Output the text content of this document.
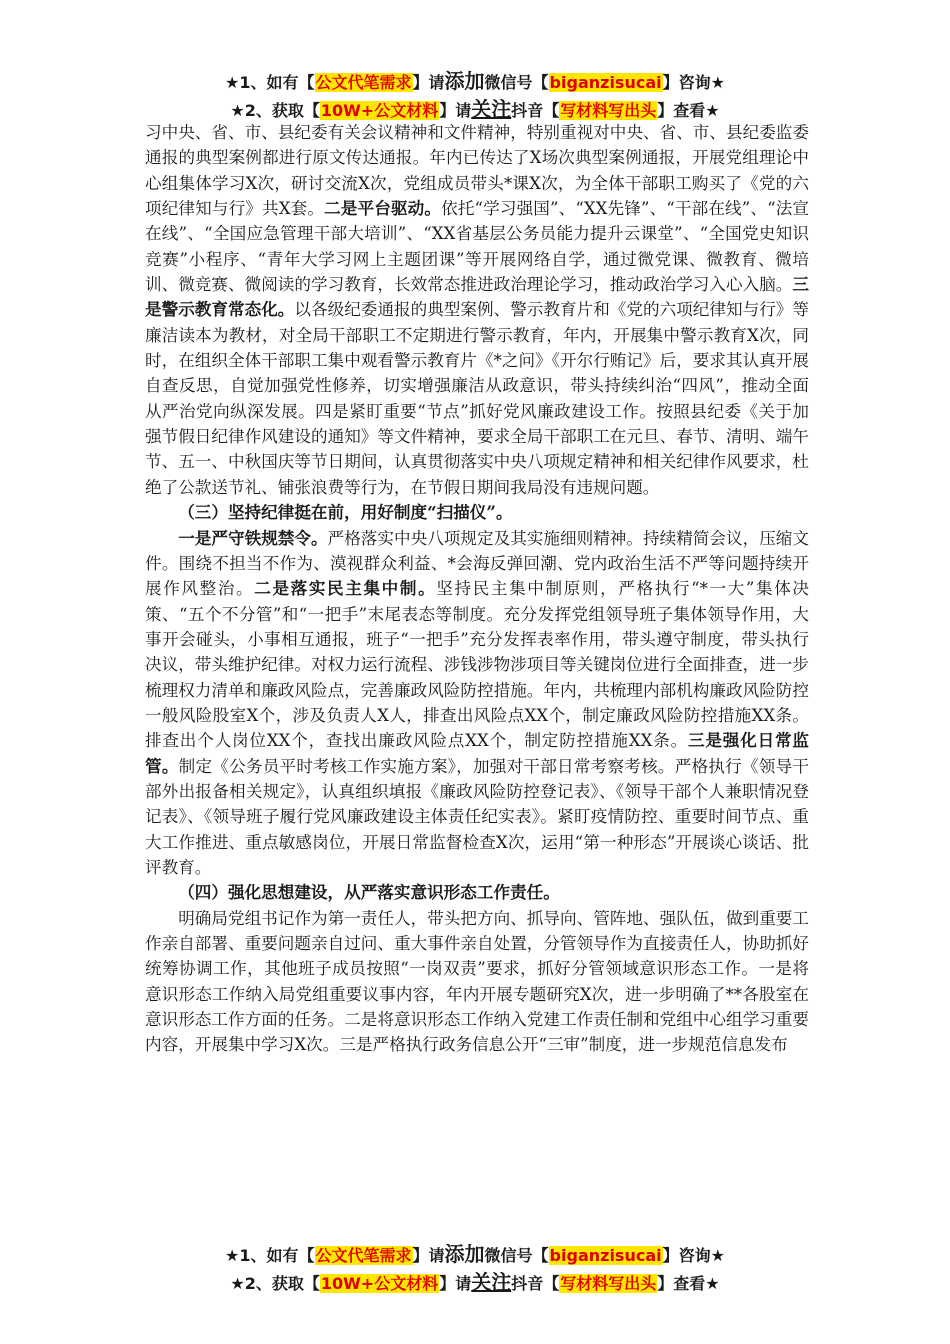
★1、如有【公文代笔需求】请添加微信号【biganzisucai】咨询★
★2、获取【10W+公文材料】请关注抖音【写材料写出头】查看★

习中央、省、市、县纪委有关会议精神和文件精神，特别重视对中央、省、市、县纪委监委通报的典型案例都进行原文传达通报。年内已传达了X场次典型案例通报，开展党组理论中心组集体学习X次，研讨交流X次，党组成员带头*课X次，为全体干部职工购买了《党的六项纪律知与行》共X套。二是平台驱动。依托“学习强国”、“XX先锋”、“干部在线”、“法宣在线”、“全国应急管理干部大培训”、“XX省基层公务员能力提升云课堂”、“全国党史知识竞赛”小程序、“青年大学习网上主题团课”等开展网络自学，通过微党课、微教育、微培训、微竞赛、微阅读的学习教育，长效常态推进政治理论学习，推动政治学习入心入脑。三是警示教育常态化。以各级纪委通报的典型案例、警示教育片和《党的六项纪律知与行》等廉洁读本为教材，对全局干部职工不定期进行警示教育，年内，开展集中警示教育X次，同时，在组织全体干部职工集中观看警示教育片《*之问》《开尔行贿记》后，要求其认真开展自查反思，自觉加强党性修养，切实增强廉洁从政意识，带头持续纠治“四风”，推动全面从严治党向纵深发展。四是紧盯重要“节点”抓好党风廉政建设工作。按照县纪委《关于加强节假日纪律作风建设的通知》等文件精神，要求全局干部职工在元旦、春节、清明、端午节、五一、中秋国庆等节日期间，认真贯彻落实中央八项规定精神和相关纪律作风要求，杜绝了公款送节礼、铺张浪费等行为，在节假日期间我局没有违规问题。

（三）坚持纪律挺在前，用好制度“扫描仪”。

一是严守铁规禁令。严格落实中央八项规定及其实施细则精神。持续精简会议，压缩文件。围绕不担当不作为、漠视群众利益、*会海反弹回潮、党内政治生活不严等问题持续开展作风整治。二是落实民主集中制。坚持民主集中制原则，严格执行“*一大”集体决策、“五个不分管”和“一把手”末尾表态等制度。充分发挥党组领导班子集体领导作用，大事开会碰头，小事相互通报，班子“一把手”充分发挥表率作用，带头遵守制度，带头执行决议，带头维护纪律。对权力运行流程、涉钱涉物涉项目等关键岗位进行全面排查，进一步梳理权力清单和廉政风险点，完善廉政风险防控措施。年内，共梳理内部机构廉政风险防控一般风险股室X个，涉及负责人X人，排查出风险点XX个，制定廉政风险防控措施XX条。排查出个人岗位XX个，查找出廉政风险点XX个，制定防控措施XX条。三是强化日常监管。制定《公务员平时考核工作实施方案》，加强对干部日常考察考核。严格执行《领导干部外出报备相关规定》，认真组织填报《廉政风险防控登记表》、《领导干部个人兼职情况登记表》、《领导班子履行党风廉政建设主体责任纪实表》。紧盯疫情防控、重要时间节点、重大工作推进、重点敏感岗位，开展日常监督检查X次，运用“第一种形态”开展谈心谈话、批评教育。

（四）强化思想建设，从严落实意识形态工作责任。

明确局党组书记作为第一责任人，带头把方向、抓导向、管阵地、强队伍，做到重要工作亲自部署、重要问题亲自过问、重大事件亲自处置，分管领导作为直接责任人，协助抓好统筹协调工作，其他班子成员按照“一岗双责”要求，抓好分管领域意识形态工作。一是将意识形态工作纳入局党组重要议事内容，年内开展专题研究X次，进一步明确了**各股室在意识形态工作方面的任务。二是将意识形态工作纳入党建工作责任制和党组中心组学习重要内容，开展集中学习X次。三是严格执行政务信息公开“三审”制度，进一步规范信息发布

★1、如有【公文代笔需求】请添加微信号【biganzisucai】咨询★
★2、获取【10W+公文材料】请关注抖音【写材料写出头】查看★
